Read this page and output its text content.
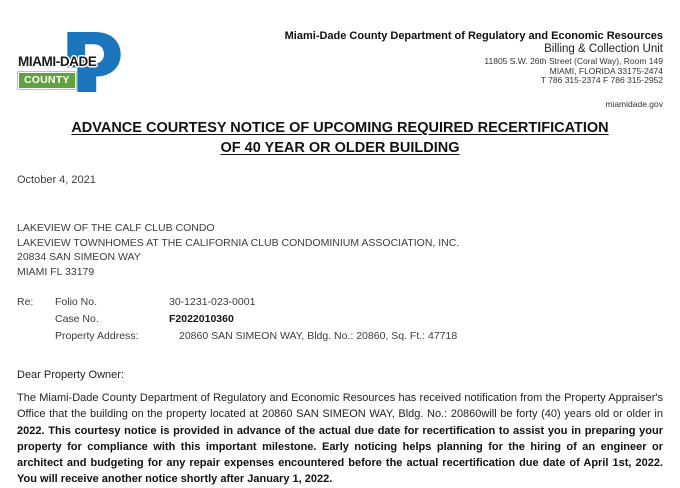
MIAMI-DADE
COUNTY
Miami-Dade County Department of Regulatory and Economic Resources
Billing & Collection Unit
11805 S.W. 26th Street (Coral Way), Room 149
MIAMI, FLORIDA 33175-2474
T 786 315-2374 F 786 315-2952
miamidade.gov
ADVANCE COURTESY NOTICE OF UPCOMING REQUIRED RECERTIFICATION
OF 40 YEAR OR OLDER BUILDING
October 4, 2021
LAKEVIEW OF THE CALF CLUB CONDO
LAKEVIEW TOWNHOMES AT THE CALIFORNIA CLUB CONDOMINIUM ASSOCIATION, INC.
20834 SAN SIMEON WAY
MIAMI FL 33179
Re:	Folio No.	30-1231-023-0001
Case No.	F2022010360
Property Address:	20860 SAN SIMEON WAY, Bldg. No.: 20860, Sq. Ft.: 47718
Dear Property Owner:
The Miami-Dade County Department of Regulatory and Economic Resources has received notification from the Property Appraiser's Office that the building on the property located at 20860 SAN SIMEON WAY, Bldg. No.: 20860will be forty (40) years old or older in 2022. This courtesy notice is provided in advance of the actual due date for recertification to assist you in preparing your property for compliance with this important milestone. Early noticing helps planning for the hiring of an engineer or architect and budgeting for any repair expenses encountered before the actual recertification due date of April 1st, 2022. You will receive another notice shortly after January 1, 2022.
